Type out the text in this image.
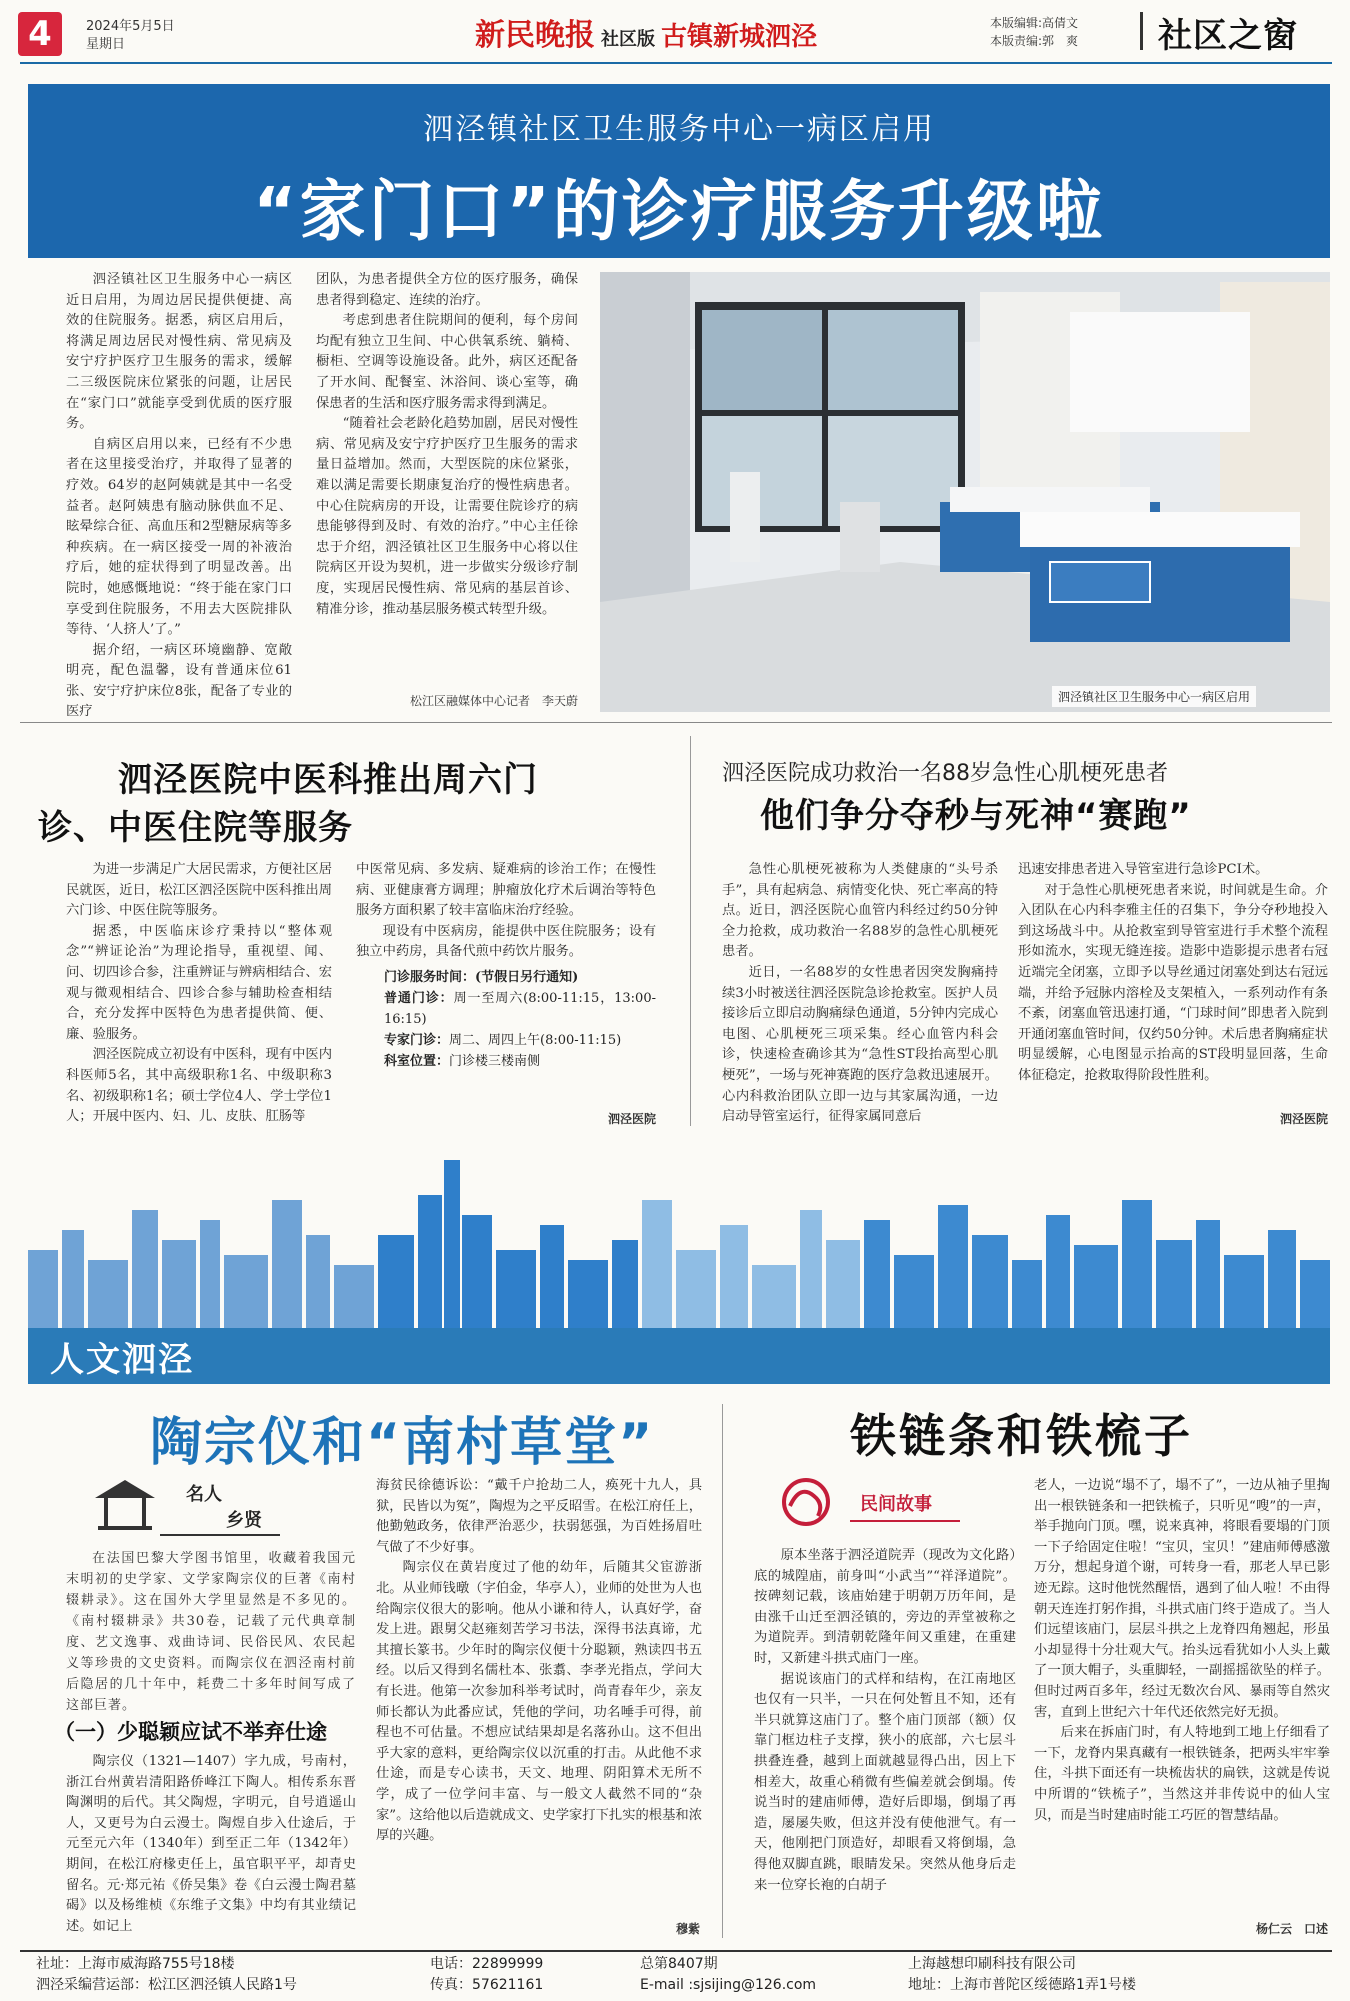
4	2024年5月5日
星期日	新民晚报 社区版 古镇新城泗泾	本版编辑:高倩文
本版责编:郭　爽 社区之窗
泗泾镇社区卫生服务中心一病区启用
“家门口”的诊疗服务升级啦

泗泾镇社区卫生服务中心一病区近日启用，为周边居民提供便捷、高效的住院服务。据悉，病区启用后，将满足周边居民对慢性病、常见病及安宁疗护医疗卫生服务的需求，缓解二三级医院床位紧张的问题，让居民在“家门口”就能享受到优质的医疗服务。

自病区启用以来，已经有不少患者在这里接受治疗，并取得了显著的疗效。64岁的赵阿姨就是其中一名受益者。赵阿姨患有脑动脉供血不足、眩晕综合征、高血压和2型糖尿病等多种疾病。在一病区接受一周的补液治疗后，她的症状得到了明显改善。出院时，她感慨地说：“终于能在家门口享受到住院服务，不用去大医院排队等待、‘人挤人’了。”

据介绍，一病区环境幽静、宽敞明亮，配色温馨，设有普通床位61张、安宁疗护床位8张，配备了专业的医疗

团队，为患者提供全方位的医疗服务，确保患者得到稳定、连续的治疗。

考虑到患者住院期间的便利，每个房间均配有独立卫生间、中心供氧系统、躺椅、橱柜、空调等设施设备。此外，病区还配备了开水间、配餐室、沐浴间、谈心室等，确保患者的生活和医疗服务需求得到满足。

“随着社会老龄化趋势加剧，居民对慢性病、常见病及安宁疗护医疗卫生服务的需求量日益增加。然而，大型医院的床位紧张，难以满足需要长期康复治疗的慢性病患者。中心住院病房的开设，让需要住院诊疗的病患能够得到及时、有效的治疗。”中心主任徐忠于介绍，泗泾镇社区卫生服务中心将以住院病区开设为契机，进一步做实分级诊疗制度，实现居民慢性病、常见病的基层首诊、精准分诊，推动基层服务模式转型升级。

松江区融媒体中心记者　李天蔚	泗泾镇社区卫生服务中心一病区启用
泗泾医院中医科推出周六门
诊、中医住院等服务

为进一步满足广大居民需求，方便社区居民就医，近日，松江区泗泾医院中医科推出周六门诊、中医住院等服务。

据悉，中医临床诊疗秉持以“整体观念”“辨证论治”为理论指导，重视望、闻、问、切四诊合参，注重辨证与辨病相结合、宏观与微观相结合、四诊合参与辅助检查相结合，充分发挥中医特色为患者提供简、便、廉、验服务。

泗泾医院成立初设有中医科，现有中医内科医师5名，其中高级职称1名、中级职称3名、初级职称1名；硕士学位4人、学士学位1人；开展中医内、妇、儿、皮肤、肛肠等

中医常见病、多发病、疑难病的诊治工作；在慢性病、亚健康膏方调理；肿瘤放化疗术后调治等特色服务方面积累了较丰富临床治疗经验。

现设有中医病房，能提供中医住院服务；设有独立中药房，具备代煎中药饮片服务。

门诊服务时间：(节假日另行通知)
普通门诊：周一至周六(8:00-11:15，13:00-16:15)
专家门诊：周二、周四上午(8:00-11:15)
科室位置：门诊楼三楼南侧
泗泾医院
泗泾医院成功救治一名88岁急性心肌梗死患者
他们争分夺秒与死神“赛跑”

急性心肌梗死被称为人类健康的“头号杀手”，具有起病急、病情变化快、死亡率高的特点。近日，泗泾医院心血管内科经过约50分钟全力抢救，成功救治一名88岁的急性心肌梗死患者。

近日，一名88岁的女性患者因突发胸痛持续3小时被送往泗泾医院急诊抢救室。医护人员接诊后立即启动胸痛绿色通道，5分钟内完成心电图、心肌梗死三项采集。经心血管内科会诊，快速检查确诊其为“急性ST段抬高型心肌梗死”，一场与死神赛跑的医疗急救迅速展开。心内科救治团队立即一边与其家属沟通，一边启动导管室运行，征得家属同意后

迅速安排患者进入导管室进行急诊PCI术。

对于急性心肌梗死患者来说，时间就是生命。介入团队在心内科李雅主任的召集下，争分夺秒地投入到这场战斗中。从抢救室到导管室进行手术整个流程形如流水，实现无缝连接。造影中造影提示患者右冠近端完全闭塞，立即予以导丝通过闭塞处到达右冠远端，并给予冠脉内溶栓及支架植入，一系列动作有条不紊，闭塞血管迅速打通，“门球时间”即患者入院到开通闭塞血管时间，仅约50分钟。术后患者胸痛症状明显缓解，心电图显示抬高的ST段明显回落，生命体征稳定，抢救取得阶段性胜利。

泗泾医院
人文泗泾
陶宗仪和“南村草堂”
名人
乡贤

在法国巴黎大学图书馆里，收藏着我国元末明初的史学家、文学家陶宗仪的巨著《南村辍耕录》。这在国外大学里显然是不多见的。《南村辍耕录》共30卷，记载了元代典章制度、艺文逸事、戏曲诗词、民俗民风、农民起义等珍贵的文史资料。而陶宗仪在泗泾南村前后隐居的几十年中，耗费二十多年时间写成了这部巨著。

（一）少聪颖应试不举弃仕途

陶宗仪（1321—1407）字九成，号南村，浙江台州黄岩清阳路侨峰江下陶人。相传系东晋陶渊明的后代。其父陶煜，字明元，自号逍遥山人，又更号为白云漫士。陶煜自步入仕途后，于元至元六年（1340年）到至正二年（1342年）期间，在松江府椽吏任上，虽官职平平，却青史留名。元·郑元祐《侨吴集》卷《白云漫士陶君墓碣》以及杨维桢《东维子文集》中均有其业绩记述。如记上

海贫民徐德诉讼：“戴千户抢劫二人，痪死十九人，具狱，民皆以为冤”，陶煜为之平反昭雪。在松江府任上，他勤勉政务，依律严治恶少，扶弱惩强，为百姓扬眉吐气做了不少好事。

陶宗仪在黄岩度过了他的幼年，后随其父宦游浙北。从业师钱暾（字伯金，华亭人），业师的处世为人也给陶宗仪很大的影响。他从小谦和待人，认真好学，奋发上进。跟舅父赵雍刻苦学习书法，深得书法真谛，尤其擅长篆书。少年时的陶宗仪便十分聪颖，熟读四书五经。以后又得到名儒杜本、张翥、李孝光指点，学问大有长进。他第一次参加科举考试时，尚青春年少，亲友师长都认为此番应试，凭他的学问，功名唾手可得，前程也不可估量。不想应试结果却是名落孙山。这不但出乎大家的意料，更给陶宗仪以沉重的打击。从此他不求仕途，而是专心读书，天文、地理、阴阳算术无所不学，成了一位学问丰富、与一般文人截然不同的“杂家”。这给他以后造就成文、史学家打下扎实的根基和浓厚的兴趣。

穆紫
铁链条和铁梳子
民间故事

原本坐落于泗泾道院弄（现改为文化路）底的城隍庙，前身叫“小武当”“祥泽道院”。按碑刻记载，该庙始建于明朝万历年间，是由涨千山迁至泗泾镇的，旁边的弄堂被称之为道院弄。到清朝乾隆年间又重建，在重建时，又新建斗拱式庙门一座。

据说该庙门的式样和结构，在江南地区也仅有一只半，一只在何处暂且不知，还有半只就算这庙门了。整个庙门顶部（额）仅靠门框边柱子支撑，狭小的底部，六七层斗拱叠连叠，越到上面就越显得凸出，因上下相差大，故重心稍微有些偏差就会倒塌。传说当时的建庙师傅，造好后即塌，倒塌了再造，屡屡失败，但这并没有使他泄气。有一天，他刚把门顶造好，却眼看又将倒塌，急得他双脚直跳，眼睛发呆。突然从他身后走来一位穿长袍的白胡子

老人，一边说“塌不了，塌不了”，一边从袖子里掏出一根铁链条和一把铁梳子，只听见“嗖”的一声，举手抛向门顶。嘿，说来真神，将眼看要塌的门顶一下子给固定住啦！“宝贝，宝贝！”建庙师傅感激万分，想起身道个谢，可转身一看，那老人早已影迹无踪。这时他恍然醒悟，遇到了仙人啦！不由得朝天连连打躬作揖，斗拱式庙门终于造成了。当人们远望该庙门，层层斗拱之上龙脊四角翘起，形虽小却显得十分壮观大气。抬头远看犹如小人头上戴了一顶大帽子，头重脚轻，一副摇摇欲坠的样子。但时过两百多年，经过无数次台风、暴雨等自然灾害，直到上世纪六十年代还依然完好无损。

后来在拆庙门时，有人特地到工地上仔细看了一下，龙脊内果真藏有一根铁链条，把两头牢牢拳住，斗拱下面还有一块梳齿状的扁铁，这就是传说中所谓的“铁梳子”，当然这并非传说中的仙人宝贝，而是当时建庙时能工巧匠的智慧结晶。

杨仁云　口述
社址：上海市威海路755号18楼
泗泾采编营运部：松江区泗泾镇人民路1号
电话：22899999
传真：57621161
总第8407期
E-mail :sjsijing@126.com
上海越想印刷科技有限公司
地址：上海市普陀区绥德路1弄1号楼
